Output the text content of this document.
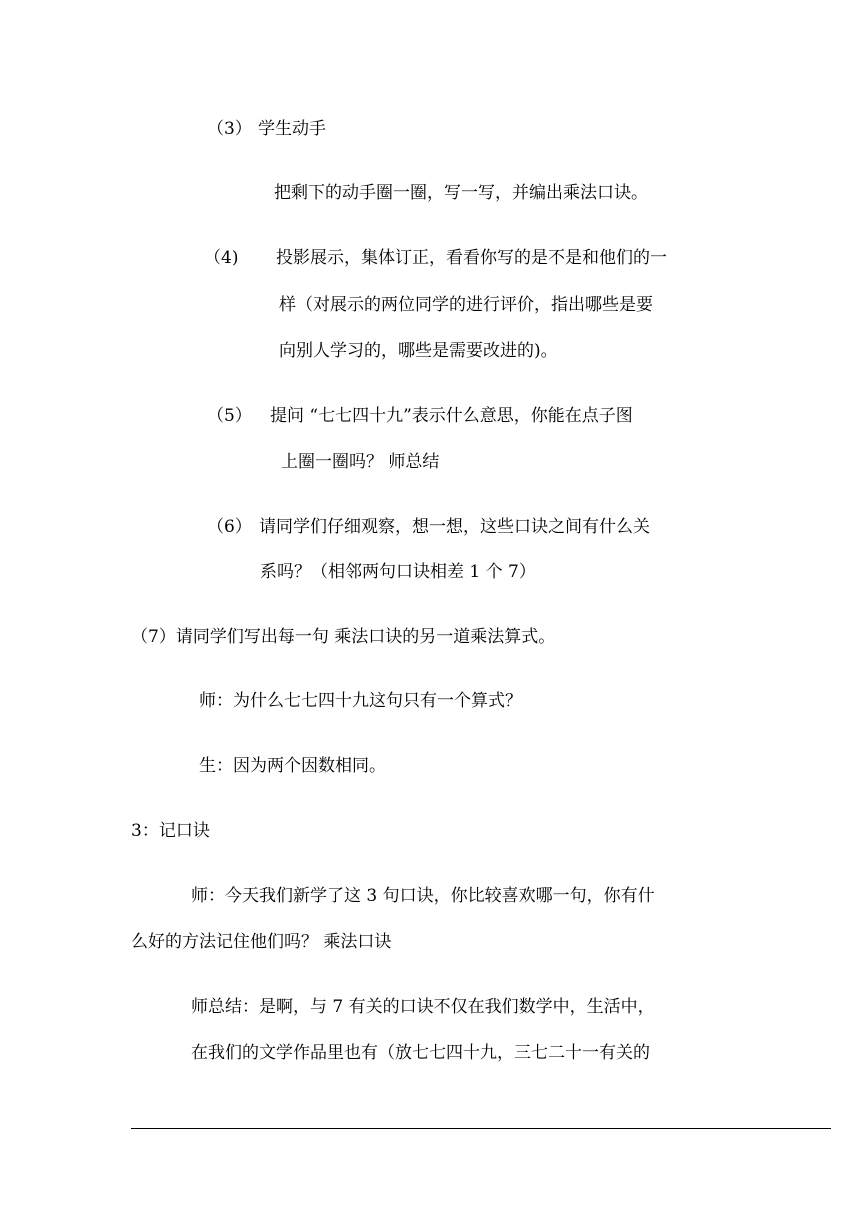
（3） 学生动手
把剩下的动手圈一圈，写一写，并编出乘法口诀。
（4) 投影展示，集体订正，看看你写的是不是和他们的一
样（对展示的两位同学的进行评价，指出哪些是要
向别人学习的，哪些是需要改进的)。
（5） 提问 “七七四十九”表示什么意思，你能在点子图
上圈一圈吗？ 师总结
（6） 请同学们仔细观察，想一想，这些口诀之间有什么关
系吗？（相邻两句口诀相差 1 个 7）
（7）请同学们写出每一句 乘法口诀的另一道乘法算式。
师：为什么七七四十九这句只有一个算式？
生：因为两个因数相同。
3：记口诀
师：今天我们新学了这 3 句口诀，你比较喜欢哪一句，你有什
么好的方法记住他们吗？ 乘法口诀
师总结：是啊，与 7 有关的口诀不仅在我们数学中，生活中，
在我们的文学作品里也有（放七七四十九，三七二十一有关的
